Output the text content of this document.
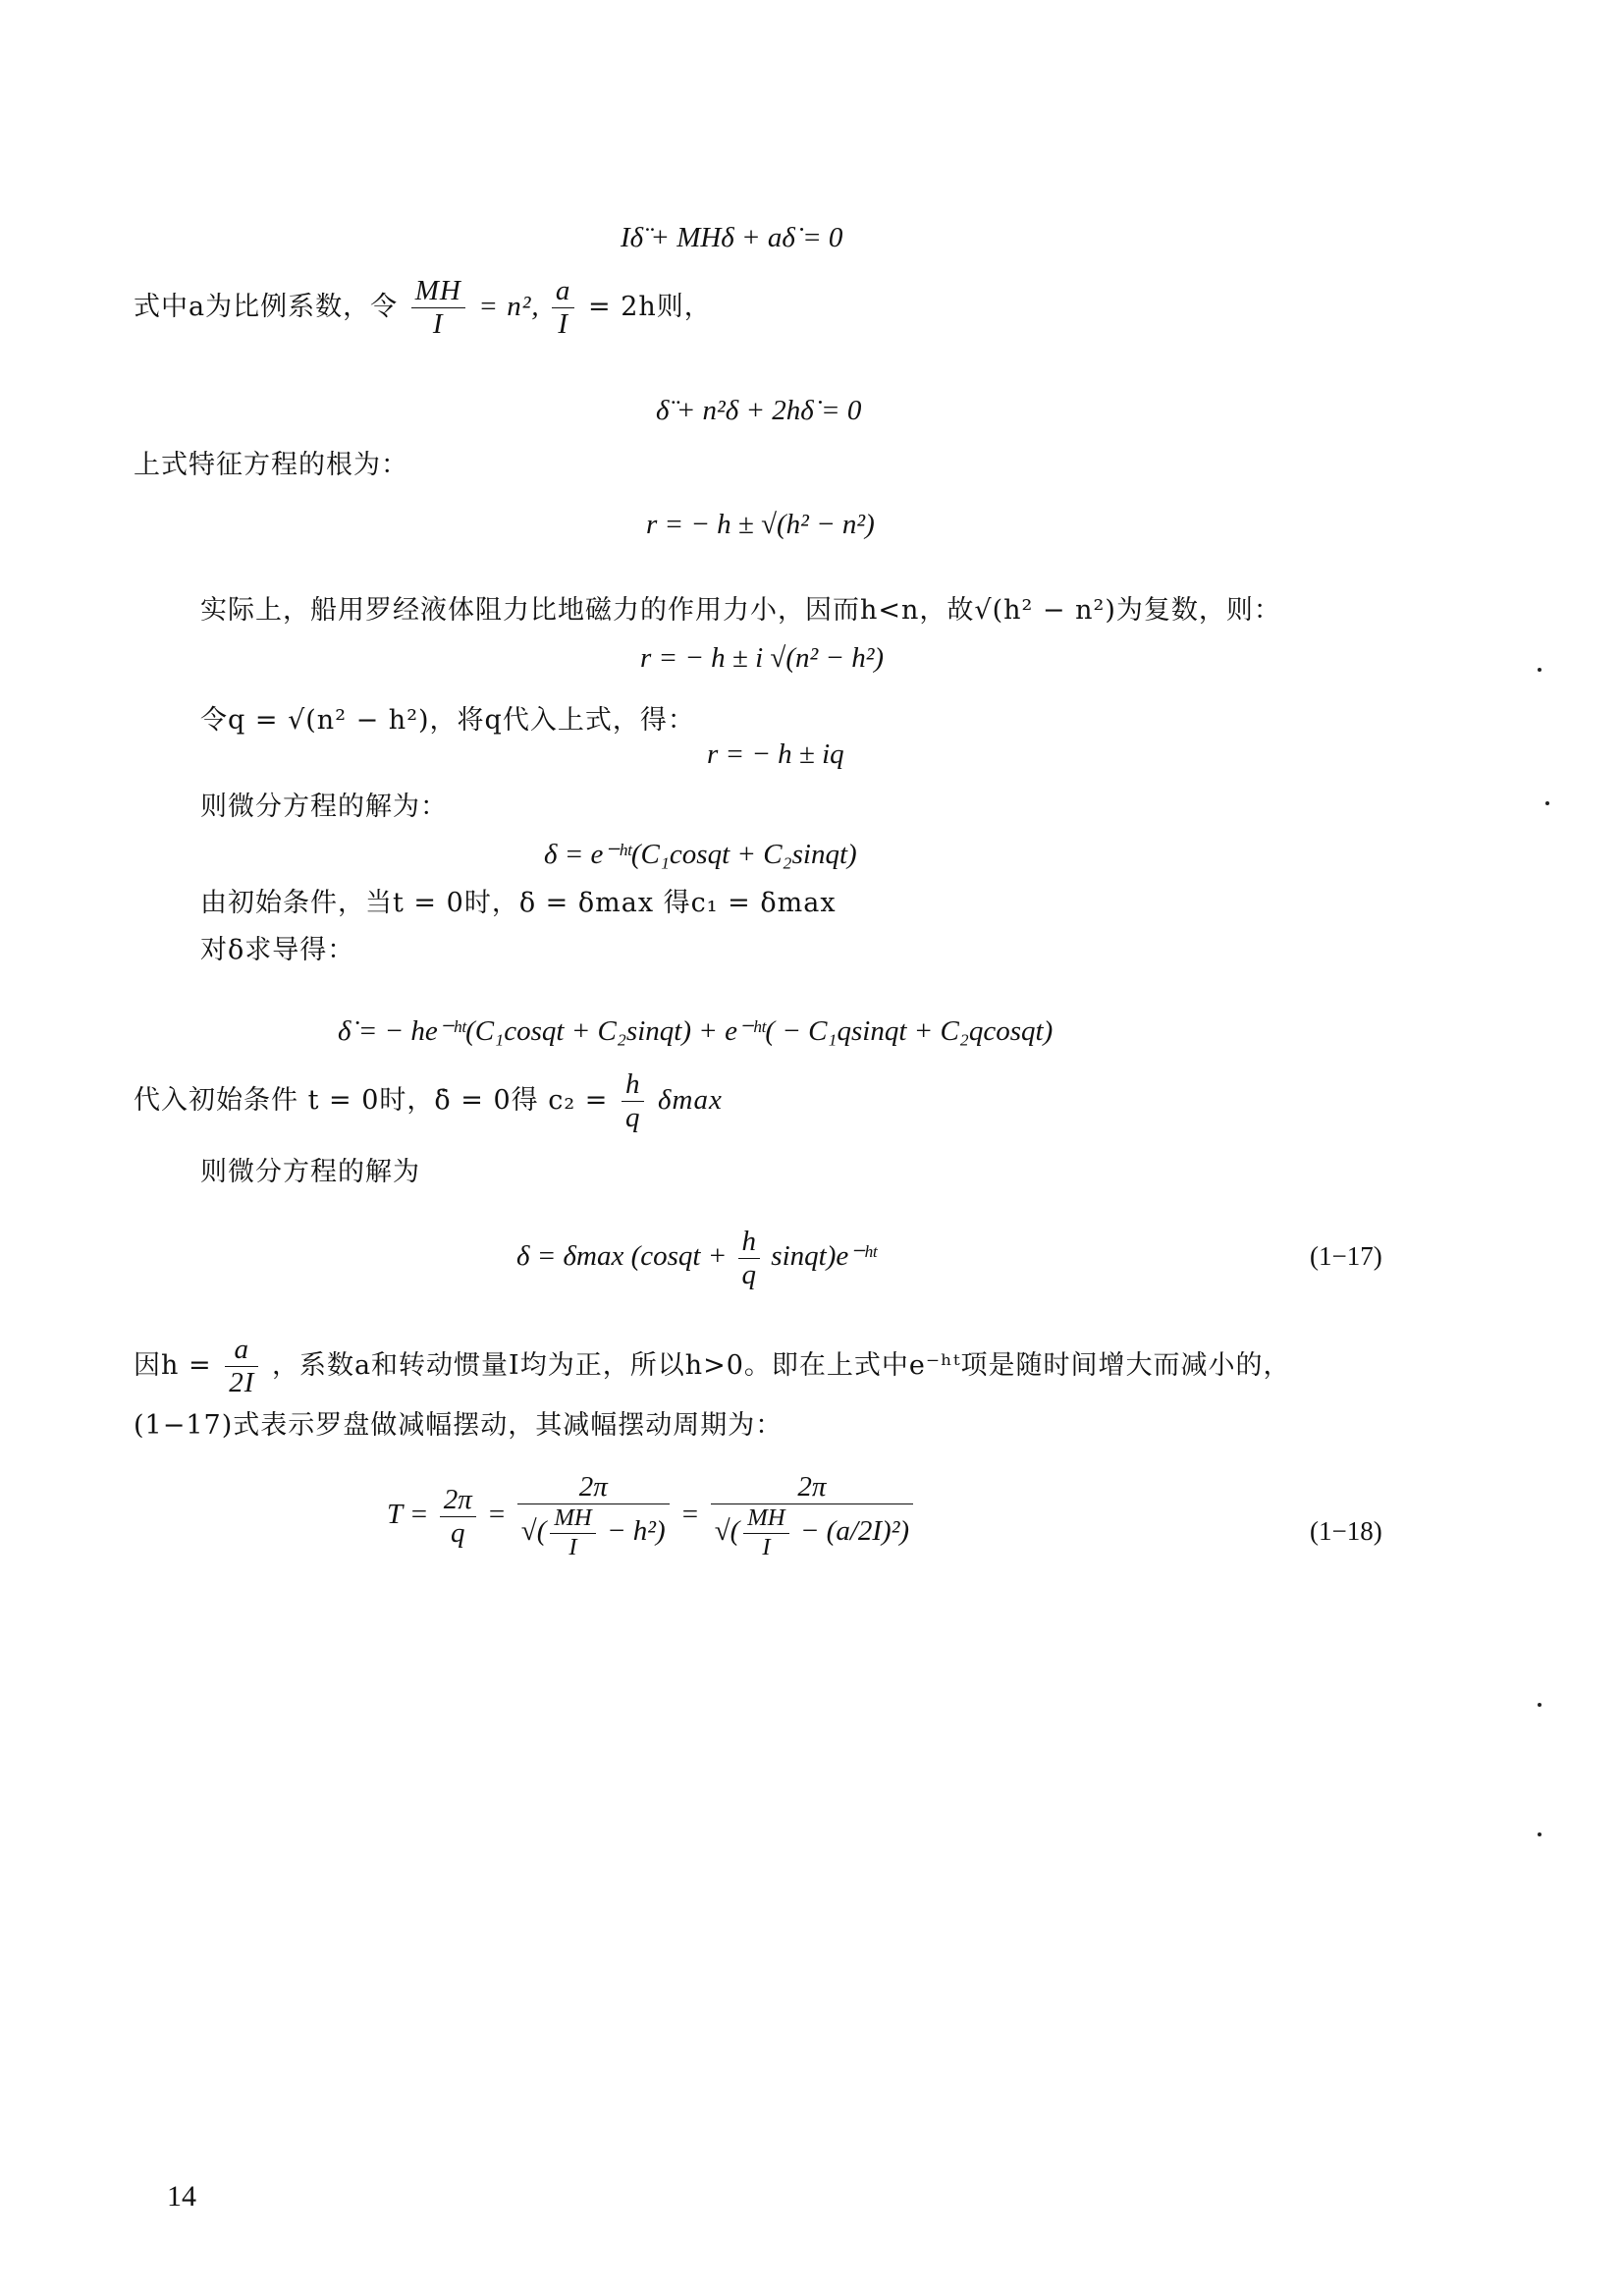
Iδ̈ + MHδ + aδ̇ = 0
式中a为比例系数，令 $\frac{MH}{I} = n^2$, $\frac{a}{I} = 2h$则，
δ̈ + n²δ + 2hδ̇ = 0
上式特征方程的根为：
r = − h ± √(h² − n²)
实际上，船用罗经液体阻力比地磁力的作用力小，因而h<n，故√(h² − n²)为复数，则：
r = − h ± i √(n² − h²)
令q = √(n² − h²)，将q代入上式，得：
r = − h ± iq
则微分方程的解为：
δ = e⁻ʰᵗ(C₁cosqt + C₂sinqt)
由初始条件，当t = 0时，δ = δmax 得c₁ = δmax
对δ求导得：
δ̇ = − he⁻ʰᵗ(C₁cosqt + C₂sinqt) + e⁻ʰᵗ( − C₁qsinqt + C₂qcosqt)
代入初始条件 t = 0时，δ̇ = 0得 $c_2 = \frac{h}{q}$ δmax
则微分方程的解为
δ = δmax (cosqt + $\frac{h}{q}$ sinqt)e⁻ʰᵗ	(1−17)
因$h = \frac{a}{2I}$ ，系数a和转动惯量I均为正，所以h>0。即在上式中e⁻ʰᵗ项是随时间增大而减小的，
(1−17)式表示罗盘做减幅摆动，其减幅摆动周期为：
$T = \frac{2\pi}{q} = \frac{2\pi}{√( \frac{MH}{I} - h^2)} = \frac{2\pi}{√( \frac{MH}{I} - (a/2I)^2)}$	(1−18)
14
